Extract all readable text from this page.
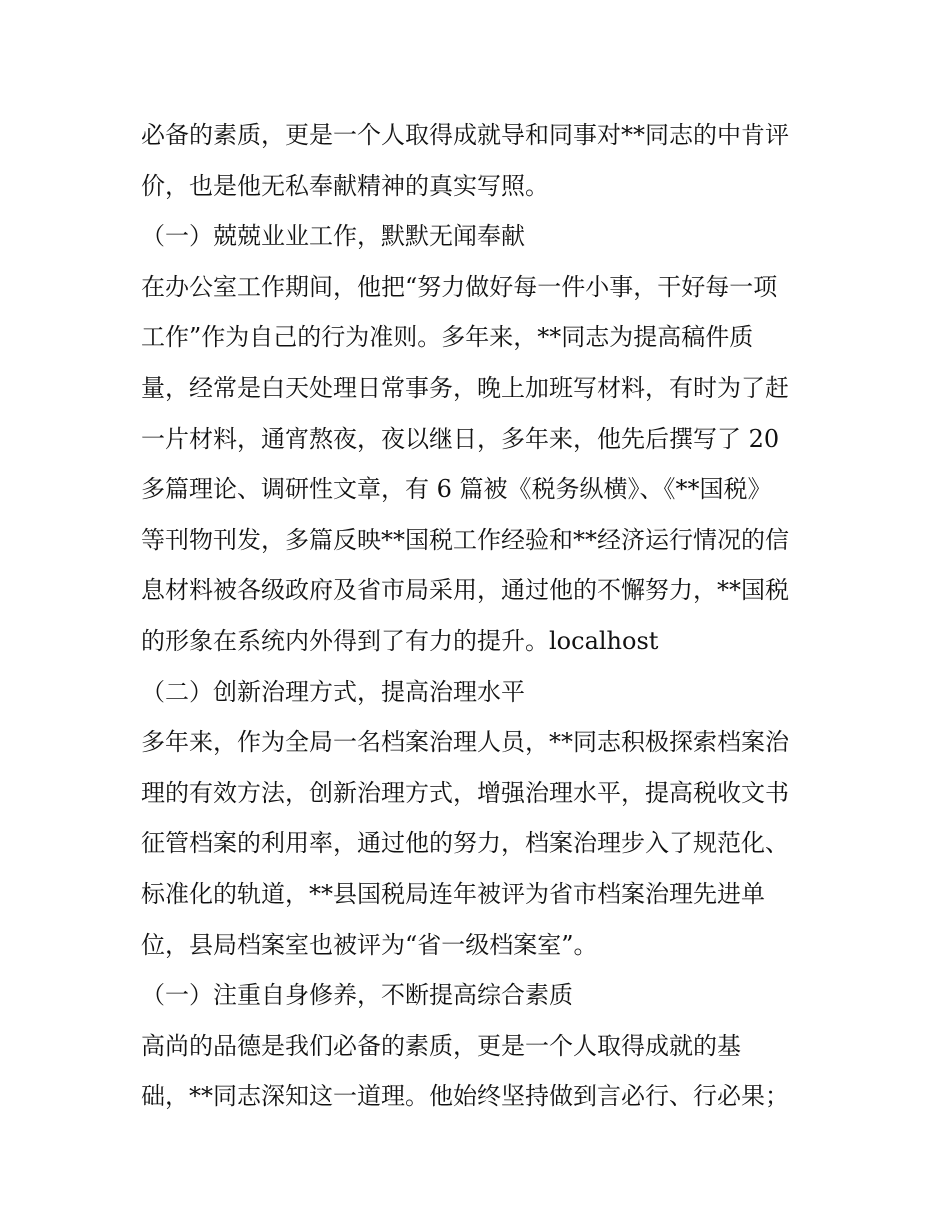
必备的素质，更是一个人取得成就导和同事对**同志的中肯评
价，也是他无私奉献精神的真实写照。
（一）兢兢业业工作，默默无闻奉献
在办公室工作期间，他把“努力做好每一件小事，干好每一项
工作”作为自己的行为准则。多年来，**同志为提高稿件质
量，经常是白天处理日常事务，晚上加班写材料，有时为了赶
一片材料，通宵熬夜，夜以继日，多年来，他先后撰写了 20
多篇理论、调研性文章，有 6 篇被《税务纵横》、《**国税》
等刊物刊发，多篇反映**国税工作经验和**经济运行情况的信
息材料被各级政府及省市局采用，通过他的不懈努力，**国税
的形象在系统内外得到了有力的提升。localhost
（二）创新治理方式，提高治理水平
多年来，作为全局一名档案治理人员，**同志积极探索档案治
理的有效方法，创新治理方式，增强治理水平，提高税收文书
征管档案的利用率，通过他的努力，档案治理步入了规范化、
标准化的轨道，**县国税局连年被评为省市档案治理先进单
位，县局档案室也被评为“省一级档案室”。
（一）注重自身修养，不断提高综合素质
高尚的品德是我们必备的素质，更是一个人取得成就的基
础，**同志深知这一道理。他始终坚持做到言必行、行必果；
